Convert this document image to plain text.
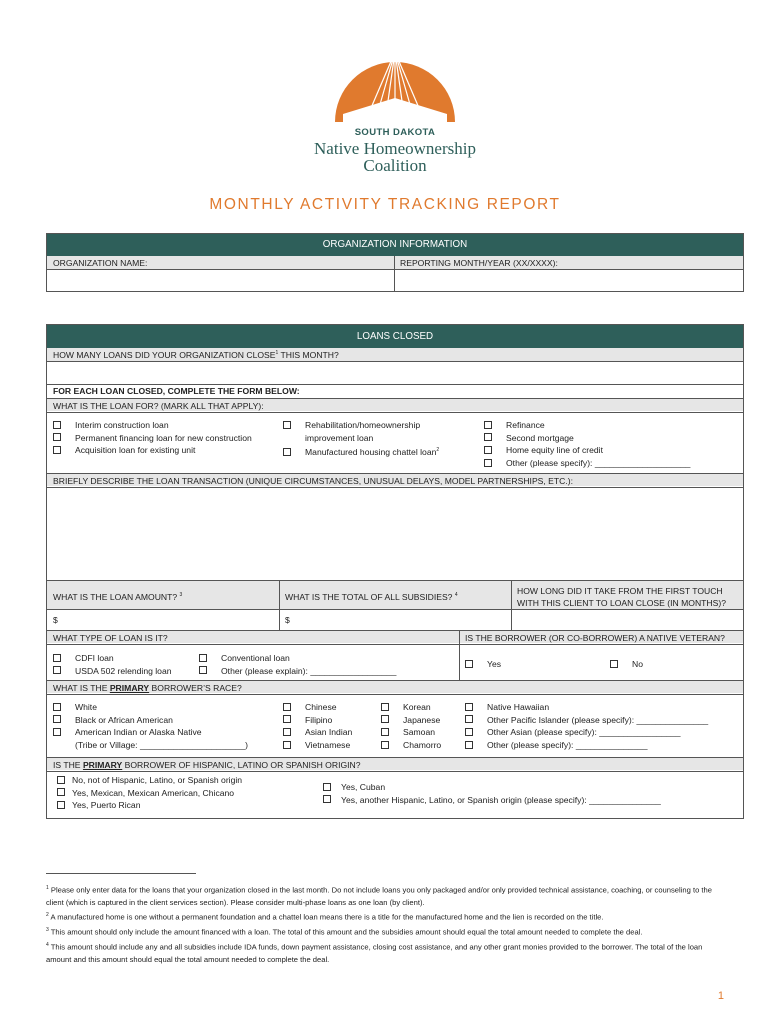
SOUTH DAKOTA
Native Homeownership
Coalition
MONTHLY ACTIVITY TRACKING REPORT
ORGANIZATION INFORMATION
ORGANIZATION NAME:	REPORTING MONTH/YEAR (XX/XXXX):
LOANS CLOSED
HOW MANY LOANS DID YOUR ORGANIZATION CLOSE$^1$ THIS MONTH?
FOR EACH LOAN CLOSED, COMPLETE THE FORM BELOW:
WHAT IS THE LOAN FOR? (MARK ALL THAT APPLY):
Interim construction loan
Permanent financing loan for new construction
Acquisition loan for existing unit
Rehabilitation/homeownership
improvement loan
Manufactured housing chattel loan$^2$
Refinance
Second mortgage
Home equity line of credit
Other (please specify): ____________________
BRIEFLY DESCRIBE THE LOAN TRANSACTION (UNIQUE CIRCUMSTANCES, UNUSUAL DELAYS, MODEL PARTNERSHIPS, ETC.):
WHAT IS THE LOAN AMOUNT? $^3$	WHAT IS THE TOTAL OF ALL SUBSIDIES? $^4$	HOW LONG DID IT TAKE FROM THE FIRST TOUCH
WITH THIS CLIENT TO LOAN CLOSE (IN MONTHS)?
$	$
WHAT TYPE OF LOAN IS IT?	IS THE BORROWER (OR CO-BORROWER) A NATIVE VETERAN?
CDFI loan
USDA 502 relending loan
Conventional loan
Other (please explain): __________________
Yes	No
WHAT IS THE PRIMARY BORROWER’S RACE?
White
Black or African American
American Indian or Alaska Native
(Tribe or Village: ______________________)
Chinese
Filipino
Asian Indian
Vietnamese
Korean
Japanese
Samoan
Chamorro
Native Hawaiian
Other Pacific Islander (please specify): _______________
Other Asian (please specify): _________________
Other (please specify): _______________
IS THE PRIMARY BORROWER OF HISPANIC, LATINO OR SPANISH ORIGIN?
No, not of Hispanic, Latino, or Spanish origin
Yes, Mexican, Mexican American, Chicano
Yes, Puerto Rican
Yes, Cuban
Yes, another Hispanic, Latino, or Spanish origin (please specify): _______________
$^1$ Please only enter data for the loans that your organization closed in the last month. Do not include loans you only packaged and/or only provided technical assistance, coaching, or counseling to the client (which is captured in the client services section). Please consider multi-phase loans as one loan (by client).
$^2$ A manufactured home is one without a permanent foundation and a chattel loan means there is a title for the manufactured home and the lien is recorded on the title.
$^3$ This amount should only include the amount financed with a loan. The total of this amount and the subsidies amount should equal the total amount needed to complete the deal.
$^4$ This amount should include any and all subsidies include IDA funds, down payment assistance, closing cost assistance, and any other grant monies provided to the borrower. The total of the loan amount and this amount should equal the total amount needed to complete the deal.
1
